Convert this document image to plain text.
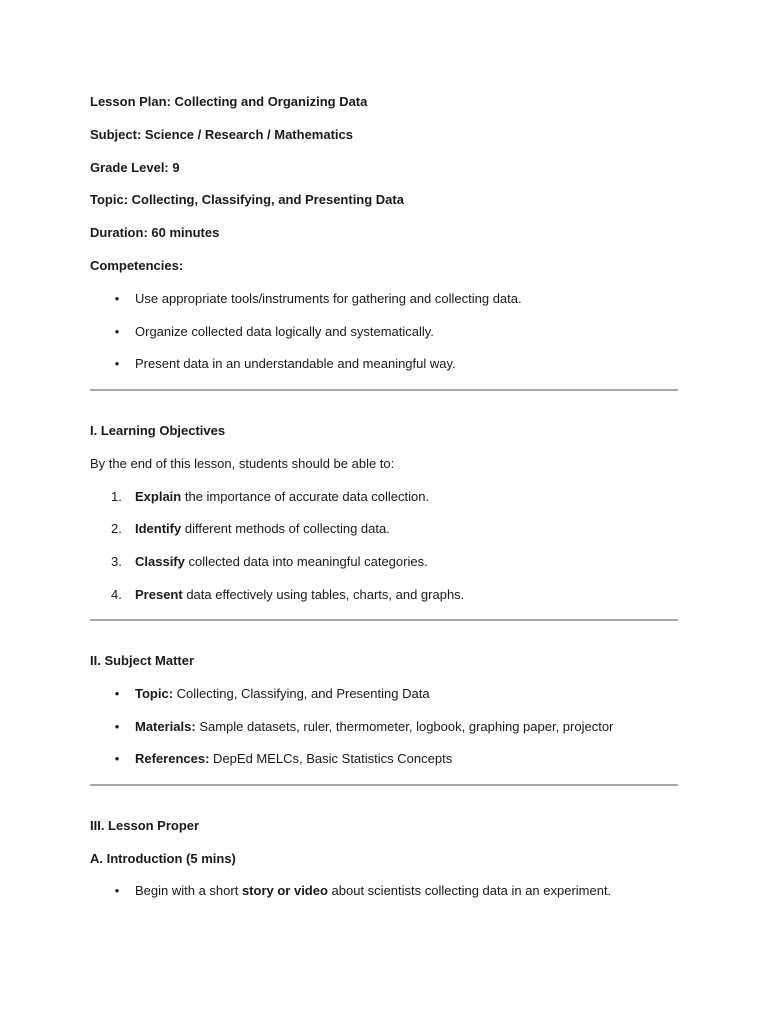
Lesson Plan: Collecting and Organizing Data
Subject: Science / Research / Mathematics
Grade Level: 9
Topic: Collecting, Classifying, and Presenting Data
Duration: 60 minutes
Competencies:
• Use appropriate tools/instruments for gathering and collecting data.
• Organize collected data logically and systematically.
• Present data in an understandable and meaningful way.
I. Learning Objectives
By the end of this lesson, students should be able to:
1. Explain the importance of accurate data collection.
2. Identify different methods of collecting data.
3. Classify collected data into meaningful categories.
4. Present data effectively using tables, charts, and graphs.
II. Subject Matter
• Topic: Collecting, Classifying, and Presenting Data
• Materials: Sample datasets, ruler, thermometer, logbook, graphing paper, projector
• References: DepEd MELCs, Basic Statistics Concepts
III. Lesson Proper
A. Introduction (5 mins)
• Begin with a short story or video about scientists collecting data in an experiment.
